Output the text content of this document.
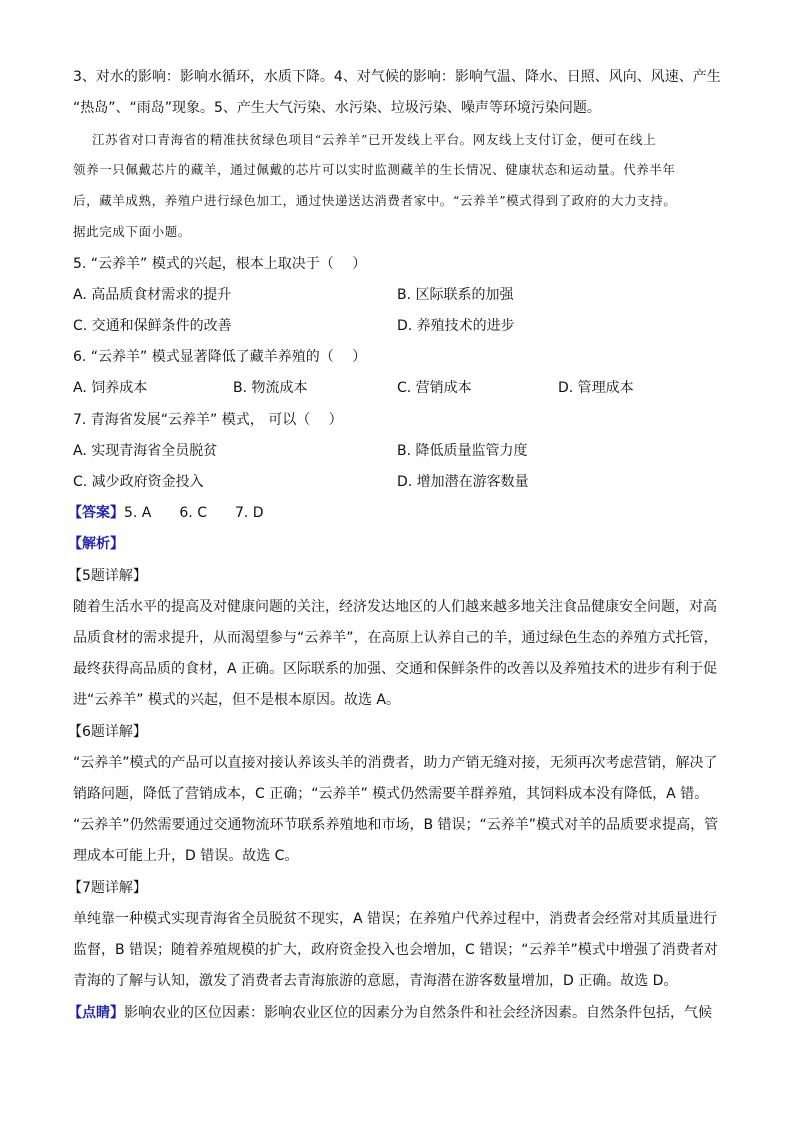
3、对水的影响：影响水循环，水质下降。4、对气候的影响：影响气温、降水、日照、风向、风速、产生
“热岛”、“雨岛”现象。5、产生大气污染、水污染、垃圾污染、噪声等环境污染问题。
江苏省对口青海省的精准扶贫绿色项目“云养羊”已开发线上平台。网友线上支付订金，便可在线上
领养一只佩戴芯片的藏羊，通过佩戴的芯片可以实时监测藏羊的生长情况、健康状态和运动量。代养半年
后，藏羊成熟，养殖户进行绿色加工，通过快递送达消费者家中。“云养羊”模式得到了政府的大力支持。
据此完成下面小题。
5. “云养羊” 模式的兴起，根本上取决于（　 ）
A. 高品质食材需求的提升	B. 区际联系的加强
C. 交通和保鲜条件的改善	D. 养殖技术的进步
6. “云养羊” 模式显著降低了藏羊养殖的（　 ）
A. 饲养成本	B. 物流成本	C. 营销成本	D. 管理成本
7. 青海省发展“云养羊” 模式， 可以（　 ）
A. 实现青海省全员脱贫	B. 降低质量监管力度
C. 减少政府资金投入	D. 增加潜在游客数量
【答案】5. A　　6. C　　7. D
【解析】
【5题详解】
随着生活水平的提高及对健康问题的关注，经济发达地区的人们越来越多地关注食品健康安全问题，对高
品质食材的需求提升，从而渴望参与“云养羊”，在高原上认养自己的羊，通过绿色生态的养殖方式托管，
最终获得高品质的食材，A 正确。区际联系的加强、交通和保鲜条件的改善以及养殖技术的进步有利于促
进“云养羊” 模式的兴起，但不是根本原因。故选 A。
【6题详解】
“云养羊”模式的产品可以直接对接认养该头羊的消费者，助力产销无缝对接，无须再次考虑营销，解决了
销路问题，降低了营销成本，C 正确；“云养羊” 模式仍然需要羊群养殖，其饲料成本没有降低，A 错。
“云养羊”仍然需要通过交通物流环节联系养殖地和市场，B 错误；“云养羊”模式对羊的品质要求提高，管
理成本可能上升，D 错误。故选 C。
【7题详解】
单纯靠一种模式实现青海省全员脱贫不现实，A 错误；在养殖户代养过程中，消费者会经常对其质量进行
监督，B 错误；随着养殖规模的扩大，政府资金投入也会增加，C 错误；“云养羊”模式中增强了消费者对
青海的了解与认知，激发了消费者去青海旅游的意愿，青海潜在游客数量增加，D 正确。故选 D。
【点睛】影响农业的区位因素：影响农业区位的因素分为自然条件和社会经济因素。自然条件包括，气候
